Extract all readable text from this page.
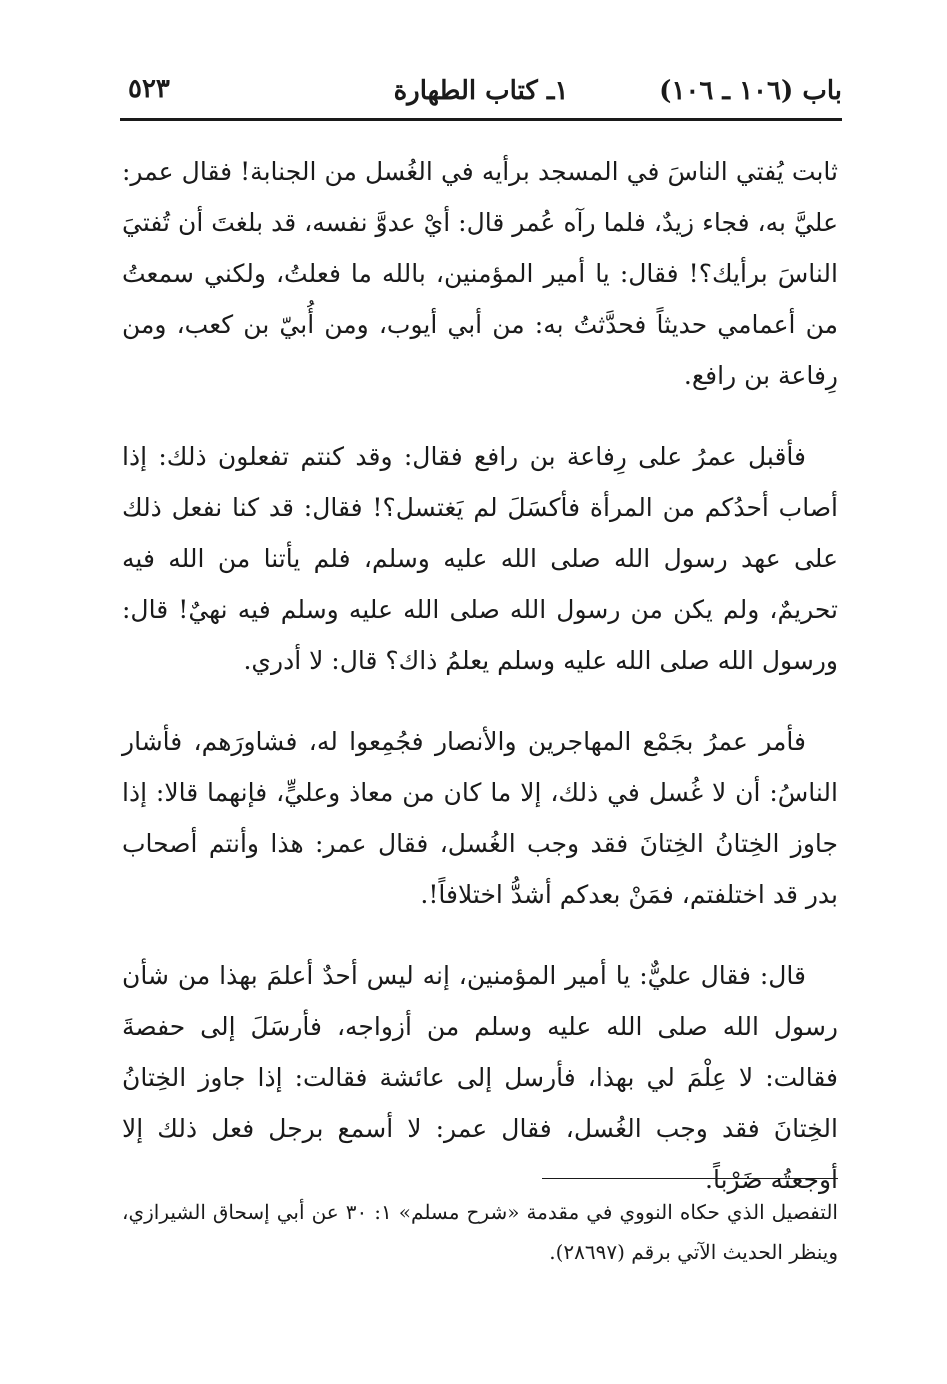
باب (١٠٦ ـ ١٠٦)
١ـ كتاب الطهارة
٥٢٣

ثابت يُفتي الناسَ في المسجد برأيه في الغُسل من الجنابة! فقال عمر: عليَّ به، فجاء زيدٌ، فلما رآه عُمر قال: أيْ عدوَّ نفسه، قد بلغتَ أن تُفتيَ الناسَ برأيك؟! فقال: يا أمير المؤمنين، بالله ما فعلتُ، ولكني سمعتُ من أعمامي حديثاً فحدَّثتُ به: من أبي أيوب، ومن أُبيّ بن كعب، ومن رِفاعة بن رافع.

فأقبل عمرُ على رِفاعة بن رافع فقال: وقد كنتم تفعلون ذلك: إذا أصاب أحدُكم من المرأة فأكسَلَ لم يَغتسل؟! فقال: قد كنا نفعل ذلك على عهد رسول الله صلى الله عليه وسلم، فلم يأتنا من الله فيه تحريمٌ، ولم يكن من رسول الله صلى الله عليه وسلم فيه نهيٌ! قال: ورسول الله صلى الله عليه وسلم يعلمُ ذاك؟ قال: لا أدري.

فأمر عمرُ بجَمْع المهاجرين والأنصار فجُمِعوا له، فشاورَهم، فأشار الناسُ: أن لا غُسل في ذلك، إلا ما كان من معاذ وعليٍّ، فإنهما قالا: إذا جاوز الخِتانُ الخِتانَ فقد وجب الغُسل، فقال عمر: هذا وأنتم أصحاب بدر قد اختلفتم، فمَنْ بعدكم أشدُّ اختلافاً!.

قال: فقال عليٌّ: يا أمير المؤمنين، إنه ليس أحدٌ أعلمَ بهذا من شأن رسول الله صلى الله عليه وسلم من أزواجه، فأرسَلَ إلى حفصةَ فقالت: لا عِلْمَ لي بهذا، فأرسل إلى عائشة فقالت: إذا جاوز الخِتانُ الخِتانَ فقد وجب الغُسل، فقال عمر: لا أسمع برجل فعل ذلك إلا أوجعتُه ضَرْباً.

التفصيل الذي حكاه النووي في مقدمة «شرح مسلم» ١: ٣٠ عن أبي إسحاق الشيرازي، وينظر الحديث الآتي برقم (٢٨٦٩٧).
